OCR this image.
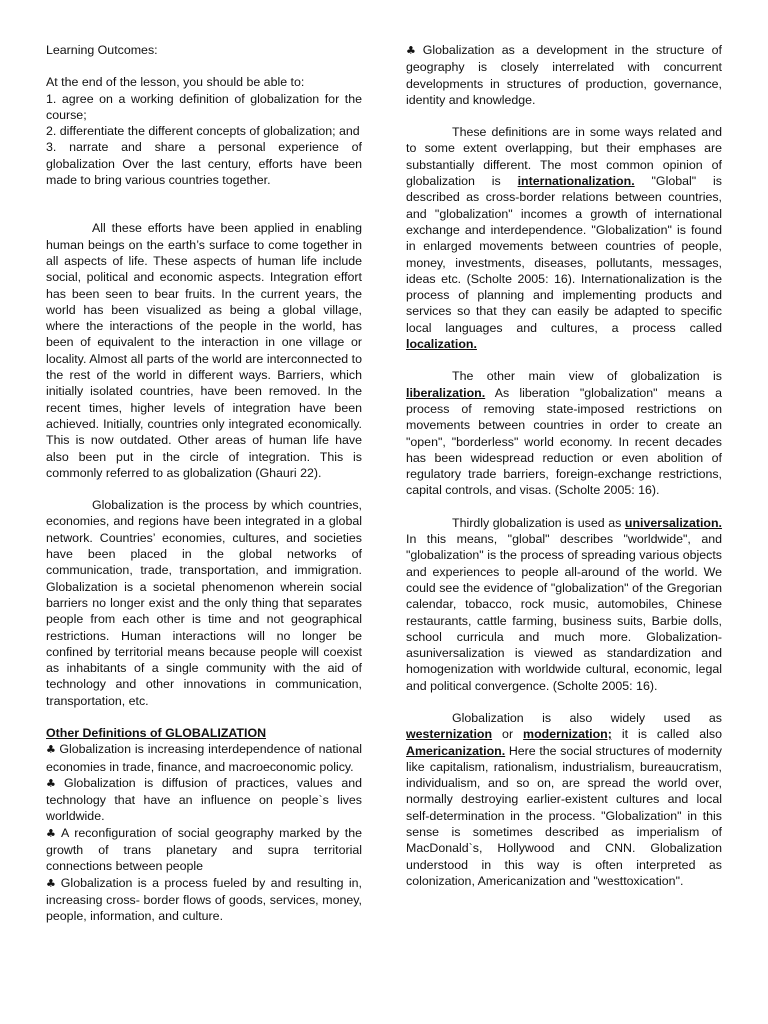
Learning Outcomes:

At the end of the lesson, you should be able to:

1. agree on a working definition of globalization for the course;

2. differentiate the different concepts of globalization; and

3. narrate and share a personal experience of globalization Over the last century, efforts have been made to bring various countries together.

All these efforts have been applied in enabling human beings on the earth’s surface to come together in all aspects of life. These aspects of human life include social, political and economic aspects. Integration effort has been seen to bear fruits. In the current years, the world has been visualized as being a global village, where the interactions of the people in the world, has been of equivalent to the interaction in one village or locality. Almost all parts of the world are interconnected to the rest of the world in different ways. Barriers, which initially isolated countries, have been removed. In the recent times, higher levels of integration have been achieved. Initially, countries only integrated economically. This is now outdated. Other areas of human life have also been put in the circle of integration. This is commonly referred to as globalization (Ghauri 22).

Globalization is the process by which countries, economies, and regions have been integrated in a global network. Countries’ economies, cultures, and societies have been placed in the global networks of communication, trade, transportation, and immigration. Globalization is a societal phenomenon wherein social barriers no longer exist and the only thing that separates people from each other is time and not geographical restrictions. Human interactions will no longer be confined by territorial means because people will coexist as inhabitants of a single community with the aid of technology and other innovations in communication, transportation, etc.

Other Definitions of GLOBALIZATION

♣ Globalization is increasing interdependence of national economies in trade, finance, and macroeconomic policy.

♣ Globalization is diffusion of practices, values and technology that have an influence on people`s lives worldwide.

♣ A reconfiguration of social geography marked by the growth of trans planetary and supra territorial connections between people

♣ Globalization is a process fueled by and resulting in, increasing cross- border flows of goods, services, money, people, information, and culture.

♣ Globalization as a development in the structure of geography is closely interrelated with concurrent developments in structures of production, governance, identity and knowledge.

These definitions are in some ways related and to some extent overlapping, but their emphases are substantially different. The most common opinion of globalization is internationalization. "Global" is described as cross-border relations between countries, and "globalization" incomes a growth of international exchange and interdependence. "Globalization" is found in enlarged movements between countries of people, money, investments, diseases, pollutants, messages, ideas etc. (Scholte 2005: 16). Internationalization is the process of planning and implementing products and services so that they can easily be adapted to specific local languages and cultures, a process called localization.

The other main view of globalization is liberalization. As liberation "globalization" means a process of removing state-imposed restrictions on movements between countries in order to create an "open", "borderless" world economy. In recent decades has been widespread reduction or even abolition of regulatory trade barriers, foreign-exchange restrictions, capital controls, and visas. (Scholte 2005: 16).

Thirdly globalization is used as universalization. In this means, "global" describes "worldwide", and "globalization" is the process of spreading various objects and experiences to people all-around of the world. We could see the evidence of "globalization" of the Gregorian calendar, tobacco, rock music, automobiles, Chinese restaurants, cattle farming, business suits, Barbie dolls, school curricula and much more. Globalization-asuniversalization is viewed as standardization and homogenization with worldwide cultural, economic, legal and political convergence. (Scholte 2005: 16).

Globalization is also widely used as westernization or modernization; it is called also Americanization. Here the social structures of modernity like capitalism, rationalism, industrialism, bureaucratism, individualism, and so on, are spread the world over, normally destroying earlier-existent cultures and local self-determination in the process. "Globalization" in this sense is sometimes described as imperialism of MacDonald`s, Hollywood and CNN. Globalization understood in this way is often interpreted as colonization, Americanization and "westtoxication".
